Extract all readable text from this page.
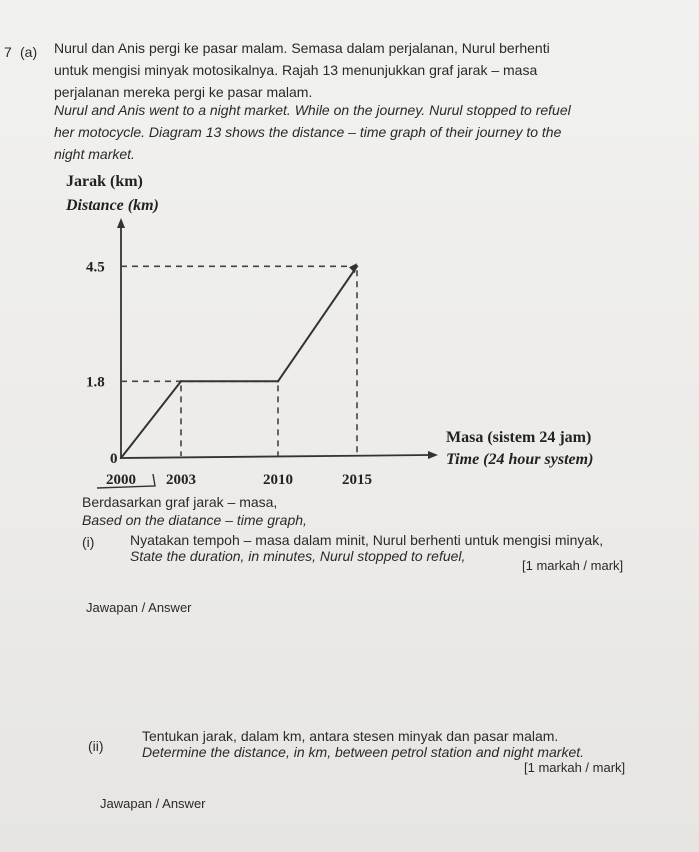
7 (a) Nurul dan Anis pergi ke pasar malam. Semasa dalam perjalanan, Nurul berhenti
untuk mengisi minyak motosikalnya. Rajah 13 menunjukkan graf jarak – masa
perjalanan mereka pergi ke pasar malam.
Nurul and Anis went to a night market. While on the journey. Nurul stopped to refuel
her motocycle. Diagram 13 shows the distance – time graph of their journey to the
night market.
Jarak (km)
Distance (km)
2000 2003	2010	2015
1.8
4.5
0
Masa (sistem 24 jam)
Time (24 hour system)
Berdasarkan graf jarak – masa,
Based on the diatance – time graph,
(i)	Nyatakan tempoh – masa dalam minit, Nurul berhenti untuk mengisi minyak,
State the duration, in minutes, Nurul stopped to refuel,
[1 markah / mark]
Jawapan / Answer
(ii)
Tentukan jarak, dalam km, antara stesen minyak dan pasar malam.
Determine the distance, in km, between petrol station and night market.
[1 markah / mark]
Jawapan / Answer
